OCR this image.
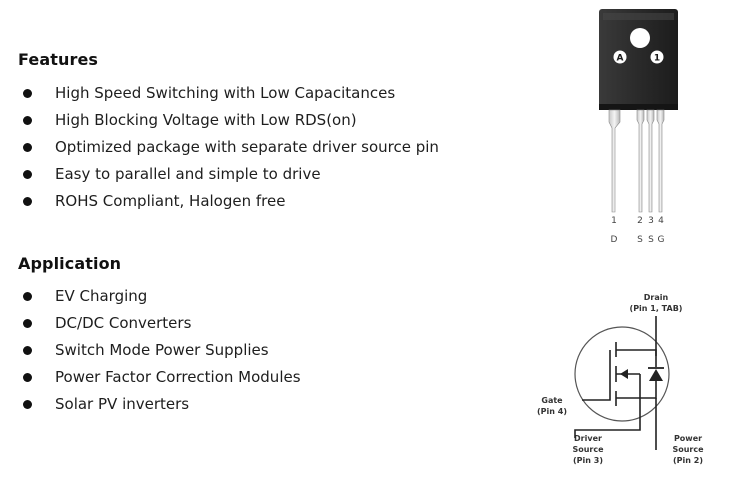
Features
High Speed Switching with Low Capacitances
High Blocking Voltage with Low RDS(on)
Optimized package with separate driver source pin
Easy to parallel and simple to drive
ROHS Compliant, Halogen free
Application
EV Charging
DC/DC Converters
Switch Mode Power Supplies
Power Factor Correction Modules
Solar PV inverters
A	1
1 2 3 4
D S S G
Drain
(Pin 1, TAB)
Gate
(Pin 4)
Driver
Source
(Pin 3)
Power
Source
(Pin 2)
